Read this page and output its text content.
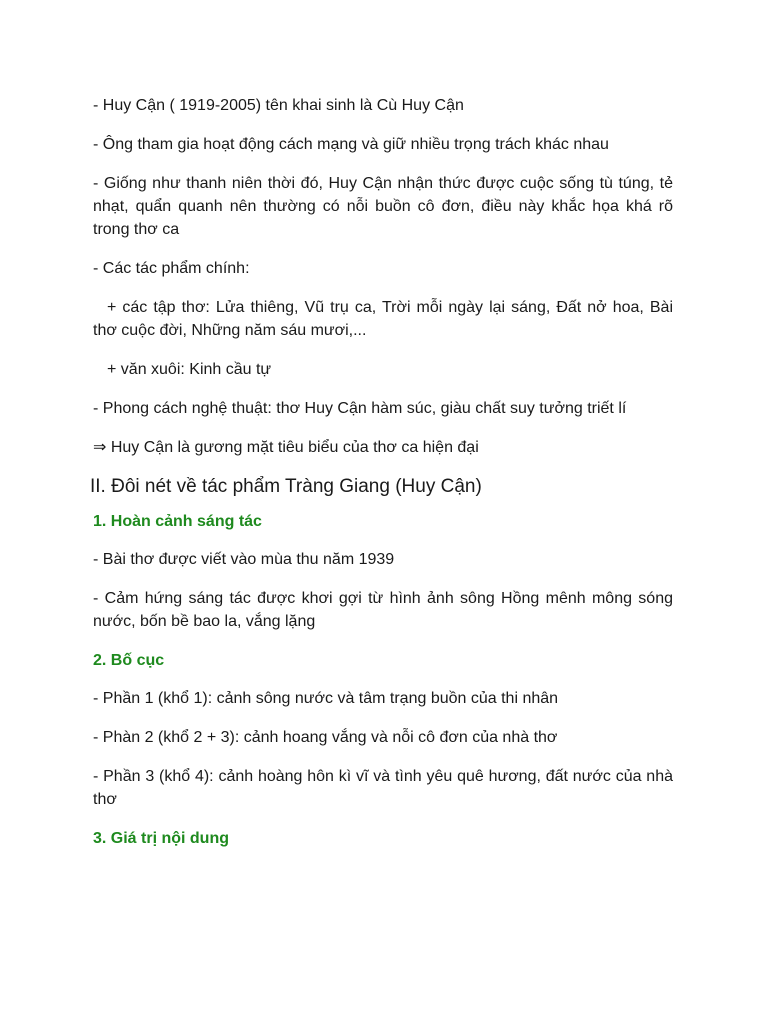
- Huy Cận ( 1919-2005) tên khai sinh là Cù Huy Cận

- Ông tham gia hoạt động cách mạng và giữ nhiều trọng trách khác nhau

- Giống như thanh niên thời đó, Huy Cận nhận thức được cuộc sống tù túng, tẻ nhạt, quẩn quanh nên thường có nỗi buồn cô đơn, điều này khắc họa khá rõ trong thơ ca

- Các tác phẩm chính:

+ các tập thơ: Lửa thiêng, Vũ trụ ca, Trời mỗi ngày lại sáng, Đất nở hoa, Bài thơ cuộc đời, Những năm sáu mươi,...

+ văn xuôi: Kinh cầu tự

- Phong cách nghệ thuật: thơ Huy Cận hàm súc, giàu chất suy tưởng triết lí

⇒ Huy Cận là gương mặt tiêu biểu của thơ ca hiện đại

II. Đôi nét về tác phẩm Tràng Giang (Huy Cận)
1. Hoàn cảnh sáng tác

- Bài thơ được viết vào mùa thu năm 1939

- Cảm hứng sáng tác được khơi gợi từ hình ảnh sông Hồng mênh mông sóng nước, bốn bề bao la, vắng lặng

2. Bố cục

- Phần 1 (khổ 1): cảnh sông nước và tâm trạng buồn của thi nhân

- Phàn 2 (khổ 2 + 3): cảnh hoang vắng và nỗi cô đơn của nhà thơ

- Phần 3 (khổ 4): cảnh hoàng hôn kì vĩ và tình yêu quê hương, đất nước của nhà thơ

3. Giá trị nội dung
